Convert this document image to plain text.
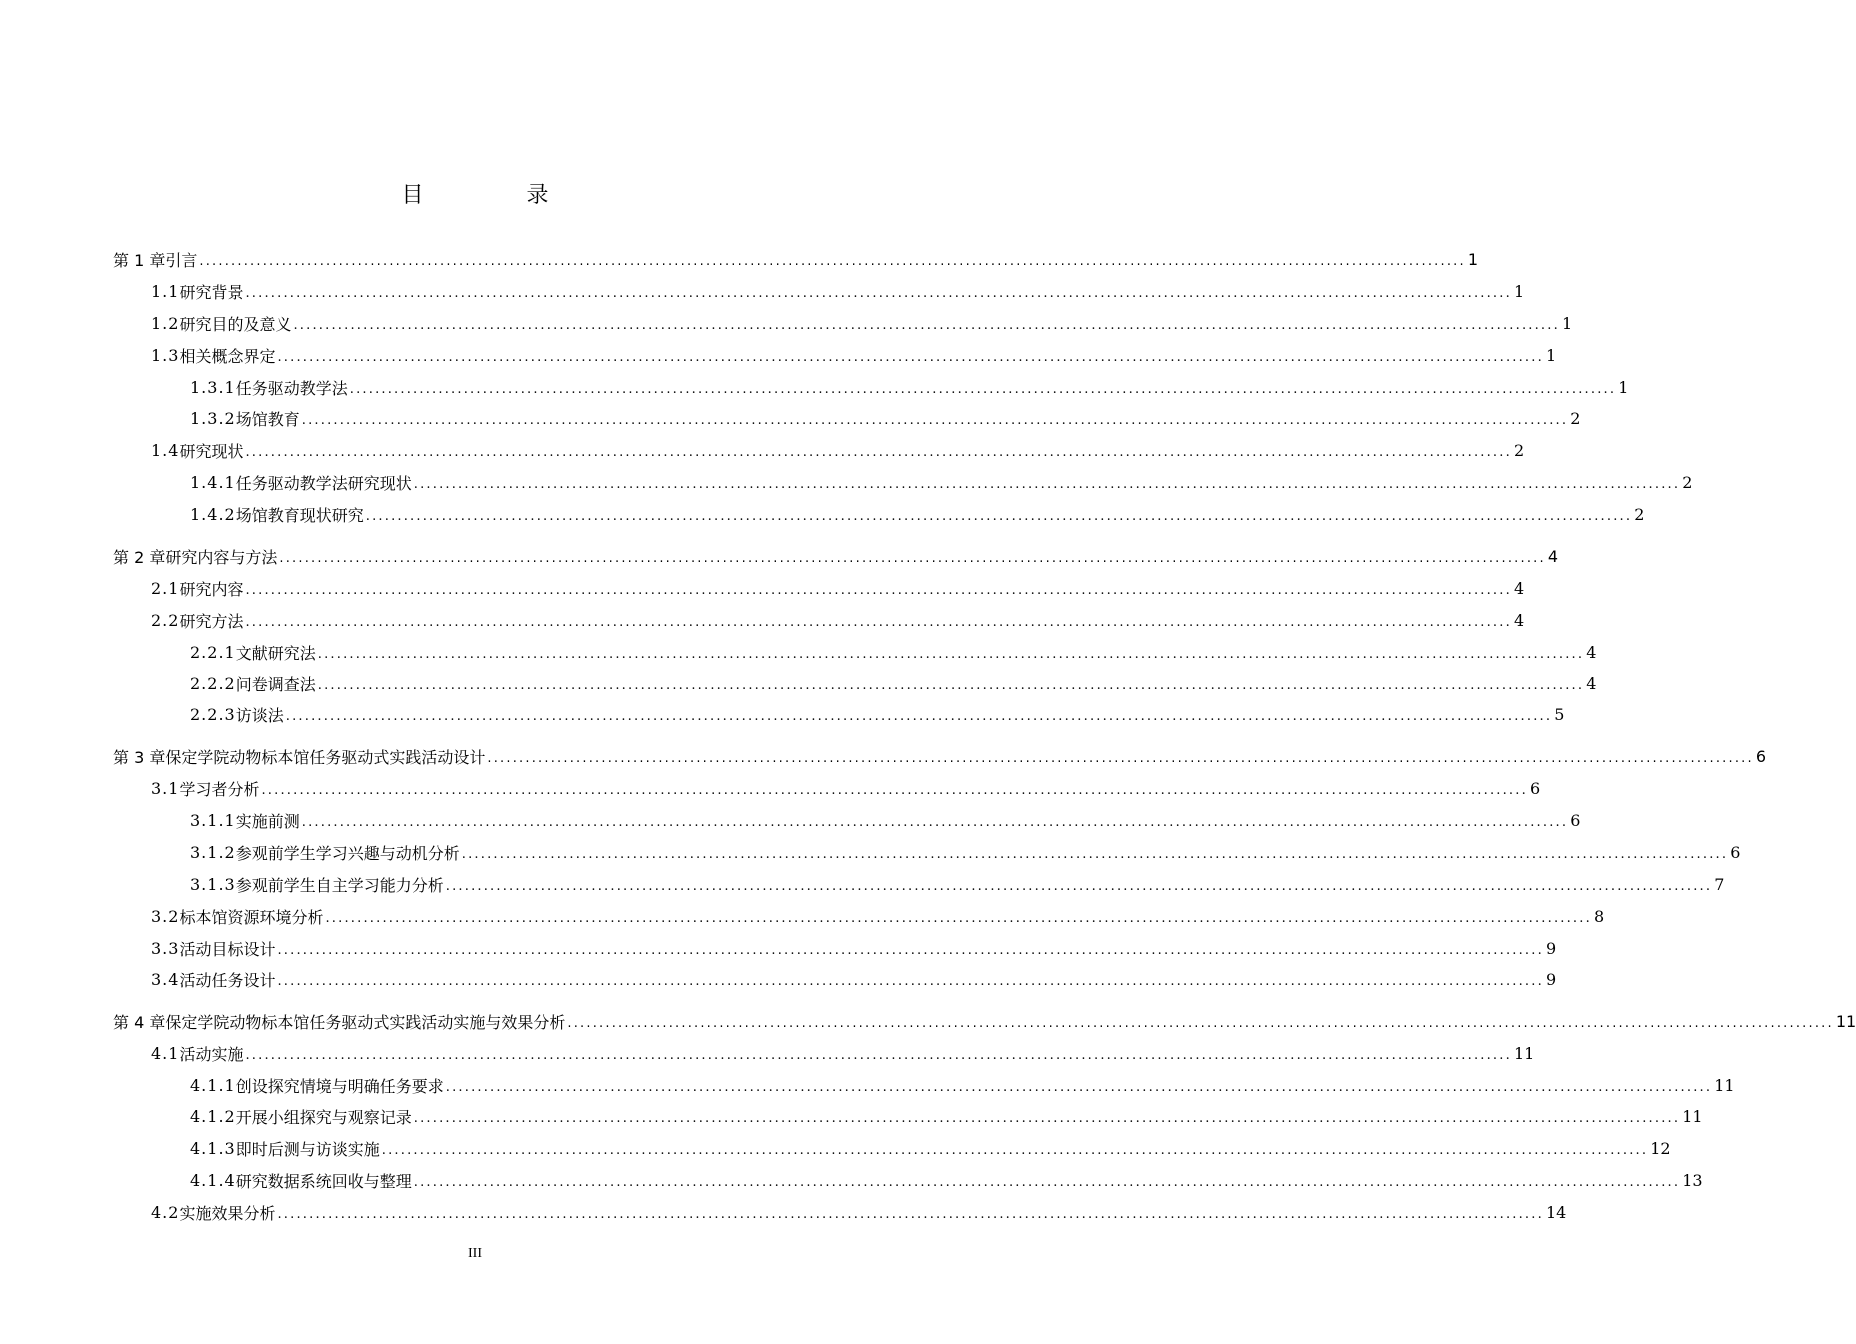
目 录
第 1 章 引言 ........................................................................................................................................................................................................ 1
1.1 研究背景 ........................................................................................................................................................................................................ 1
1.2 研究目的及意义 ........................................................................................................................................................................................................ 1
1.3 相关概念界定 ........................................................................................................................................................................................................ 1
1.3.1 任务驱动教学法 ........................................................................................................................................................................................................ 1
1.3.2 场馆教育 ........................................................................................................................................................................................................ 2
1.4 研究现状 ........................................................................................................................................................................................................ 2
1.4.1 任务驱动教学法研究现状 ........................................................................................................................................................................................................ 2
1.4.2 场馆教育现状研究 ........................................................................................................................................................................................................ 2
第 2 章 研究内容与方法 ........................................................................................................................................................................................................ 4
2.1 研究内容 ........................................................................................................................................................................................................ 4
2.2 研究方法 ........................................................................................................................................................................................................ 4
2.2.1 文献研究法 ........................................................................................................................................................................................................ 4
2.2.2 问卷调查法 ........................................................................................................................................................................................................ 4
2.2.3 访谈法 ........................................................................................................................................................................................................ 5
第 3 章 保定学院动物标本馆任务驱动式实践活动设计 ........................................................................................................................................................................................................ 6
3.1 学习者分析 ........................................................................................................................................................................................................ 6
3.1.1 实施前测 ........................................................................................................................................................................................................ 6
3.1.2 参观前学生学习兴趣与动机分析 ........................................................................................................................................................................................................ 6
3.1.3 参观前学生自主学习能力分析 ........................................................................................................................................................................................................ 7
3.2 标本馆资源环境分析 ........................................................................................................................................................................................................ 8
3.3 活动目标设计 ........................................................................................................................................................................................................ 9
3.4 活动任务设计 ........................................................................................................................................................................................................ 9
第 4 章 保定学院动物标本馆任务驱动式实践活动实施与效果分析 ........................................................................................................................................................................................................ 11
4.1 活动实施 ........................................................................................................................................................................................................ 11
4.1.1 创设探究情境与明确任务要求 ........................................................................................................................................................................................................ 11
4.1.2 开展小组探究与观察记录 ........................................................................................................................................................................................................ 11
4.1.3 即时后测与访谈实施 ........................................................................................................................................................................................................ 12
4.1.4 研究数据系统回收与整理 ........................................................................................................................................................................................................ 13
4.2 实施效果分析 ........................................................................................................................................................................................................ 14
III
